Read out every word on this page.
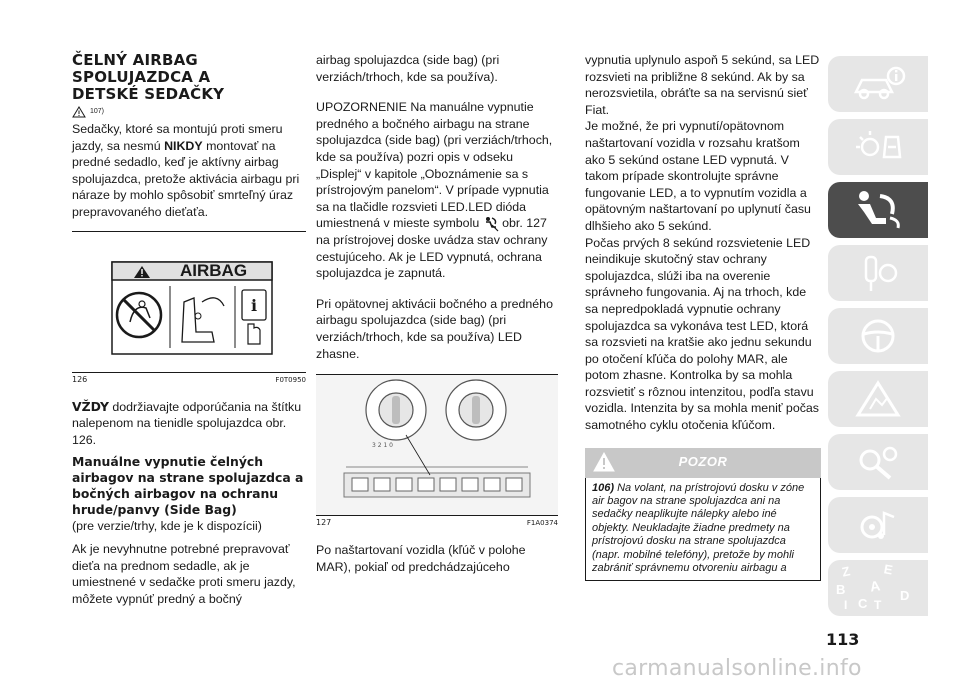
ČELNÝ AIRBAG
SPOLUJAZDCA A
DETSKÉ SEDAČKY
107)

Sedačky, ktoré sa montujú proti smeru jazdy, sa nesmú NIKDY montovať na predné sedadlo, keď je aktívny airbag spolujazdca, pretože aktivácia airbagu pri náraze by mohlo spôsobiť smrteľný úraz prepravovaného dieťaťa.

i
AIRBAG
126	F0T0950

VŽDY dodržiavajte odporúčania na štítku nalepenom na tienidle spolujazdca obr. 126.

Manuálne vypnutie čelných airbagov na strane spolujazdca a bočných airbagov na ochranu hrude/panvy (Side Bag)

(pre verzie/trhy, kde je k dispozícii)

Ak je nevyhnutne potrebné prepravovať dieťa na prednom sedadle, ak je umiestnené v sedačke proti smeru jazdy, môžete vypnúť predný a bočný

airbag spolujazdca (side bag) (pri verziách/trhoch, kde sa používa).

UPOZORNENIE Na manuálne vypnutie predného a bočného airbagu na strane spolujazdca (side bag) (pri verziách/trhoch, kde sa používa) pozri opis v odseku „Displej“ v kapitole „Oboznámenie sa s prístrojovým panelom“. V prípade vypnutia sa na tlačidle rozsvieti LED.LED dióda umiestnená v mieste symbolu obr. 127 na prístrojovej doske uvádza stav ochrany cestujúceho. Ak je LED vypnutá, ochrana spolujazdca je zapnutá.

Pri opätovnej aktivácii bočného a predného airbagu spolujazdca (side bag) (pri verziách/trhoch, kde sa používa) LED zhasne.

3 2 1 0
127	F1A0374

Po naštartovaní vozidla (kľúč v polohe MAR), pokiaľ od predchádzajúceho

vypnutia uplynulo aspoň 5 sekúnd, sa LED rozsvieti na približne 8 sekúnd. Ak by sa nerozsvietila, obráťte sa na servisnú sieť Fiat.

Je možné, že pri vypnutí/opätovnom naštartovaní vozidla v rozsahu kratšom ako 5 sekúnd ostane LED vypnutá. V takom prípade skontrolujte správne fungovanie LED, a to vypnutím vozidla a opätovným naštartovaní po uplynutí času dlhšieho ako 5 sekúnd.

Počas prvých 8 sekúnd rozsvietenie LED neindikuje skutočný stav ochrany spolujazdca, slúži iba na overenie správneho fungovania. Aj na trhoch, kde sa nepredpokladá vypnutie ochrany spolujazdca sa vykonáva test LED, ktorá sa rozsvieti na kratšie ako jednu sekundu po otočení kľúča do polohy MAR, ale potom zhasne. Kontrolka by sa mohla rozsvietiť s rôznou intenzitou, podľa stavu vozidla. Intenzita by sa mohla meniť počas samotného cyklu otočenia kľúčom.

POZOR
106) Na volant, na prístrojovú dosku v zóne air bagov na strane spolujazdca ani na sedačky neaplikujte nálepky alebo iné objekty. Neukladajte žiadne predmety na prístrojovú dosku na strane spolujazdca (napr. mobilné telefóny), pretože by mohli zabrániť správnemu otvoreniu airbagu a	Z E
B A
I C T
D
113
carmanualsonline.info
